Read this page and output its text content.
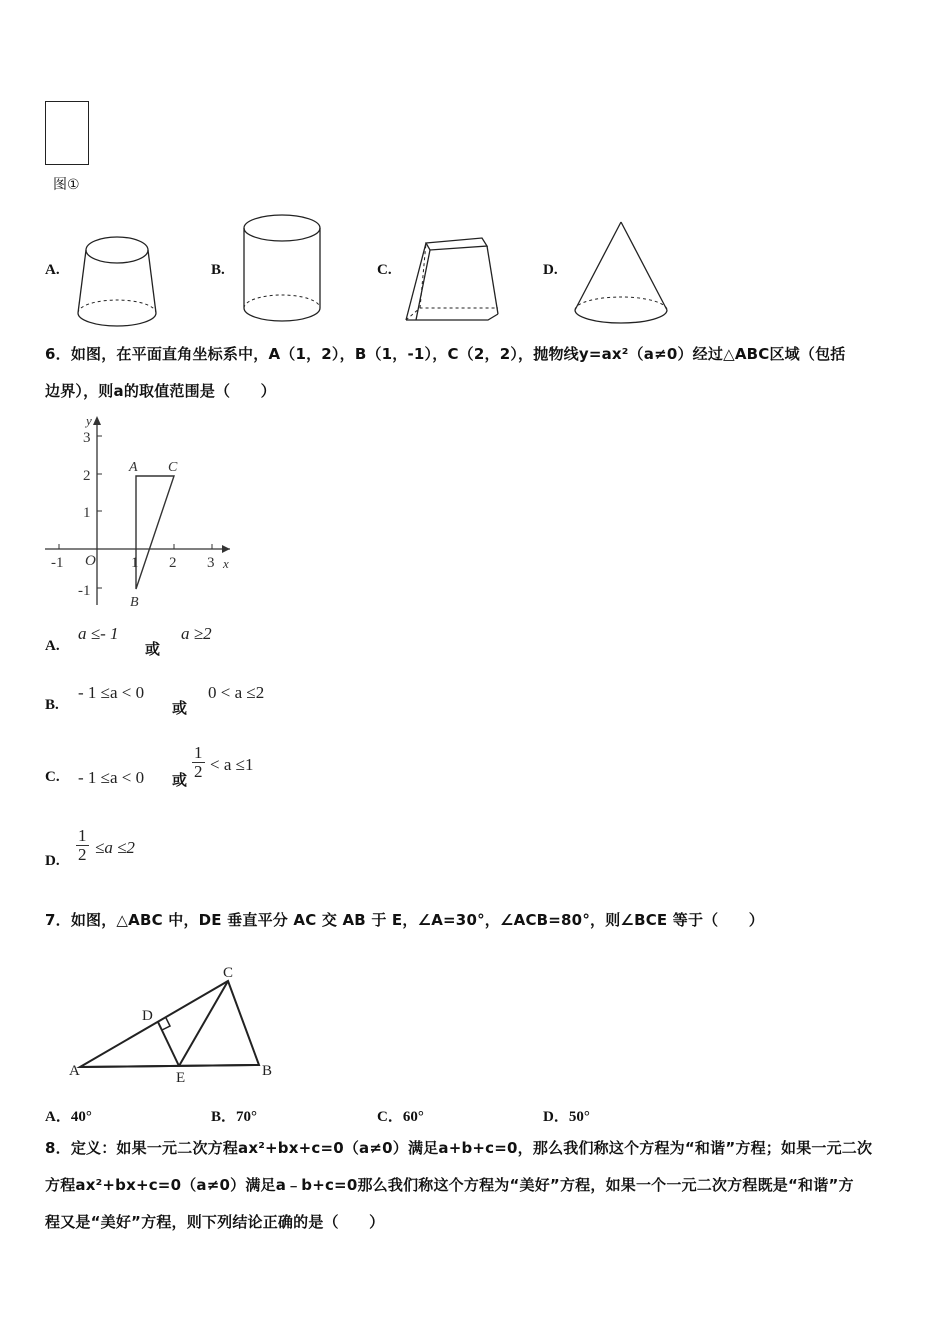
图①
A.	B.	C.	D.
6．如图，在平面直角坐标系中，A（1，2），B（1，-1），C（2，2），抛物线y=ax²（a≠0）经过△ABC区域（包括
边界），则a的取值范围是（　　）
-1 O 1 2 3 x
y
3
2
1
-1
A C
B
A.
a ≤- 1
或
a ≥2
B.
- 1 ≤a < 0
或
0 < a ≤2
C. - 1 ≤a < 0 或 $\frac{1}{2} < a \le 1$
D. $\frac{1}{2} \le a \le 2$
7．如图，△ABC 中，DE 垂直平分 AC 交 AB 于 E，∠A=30°，∠ACB=80°，则∠BCE 等于（　　）
A	B
C
D
E
A．40°	B．70°	C．60°	D．50°
8．定义：如果一元二次方程ax²+bx+c=0（a≠0）满足a+b+c=0，那么我们称这个方程为“和谐”方程；如果一元二次
方程ax²+bx+c=0（a≠0）满足a﹣b+c=0那么我们称这个方程为“美好”方程，如果一个一元二次方程既是“和谐”方
程又是“美好”方程，则下列结论正确的是（　　）
